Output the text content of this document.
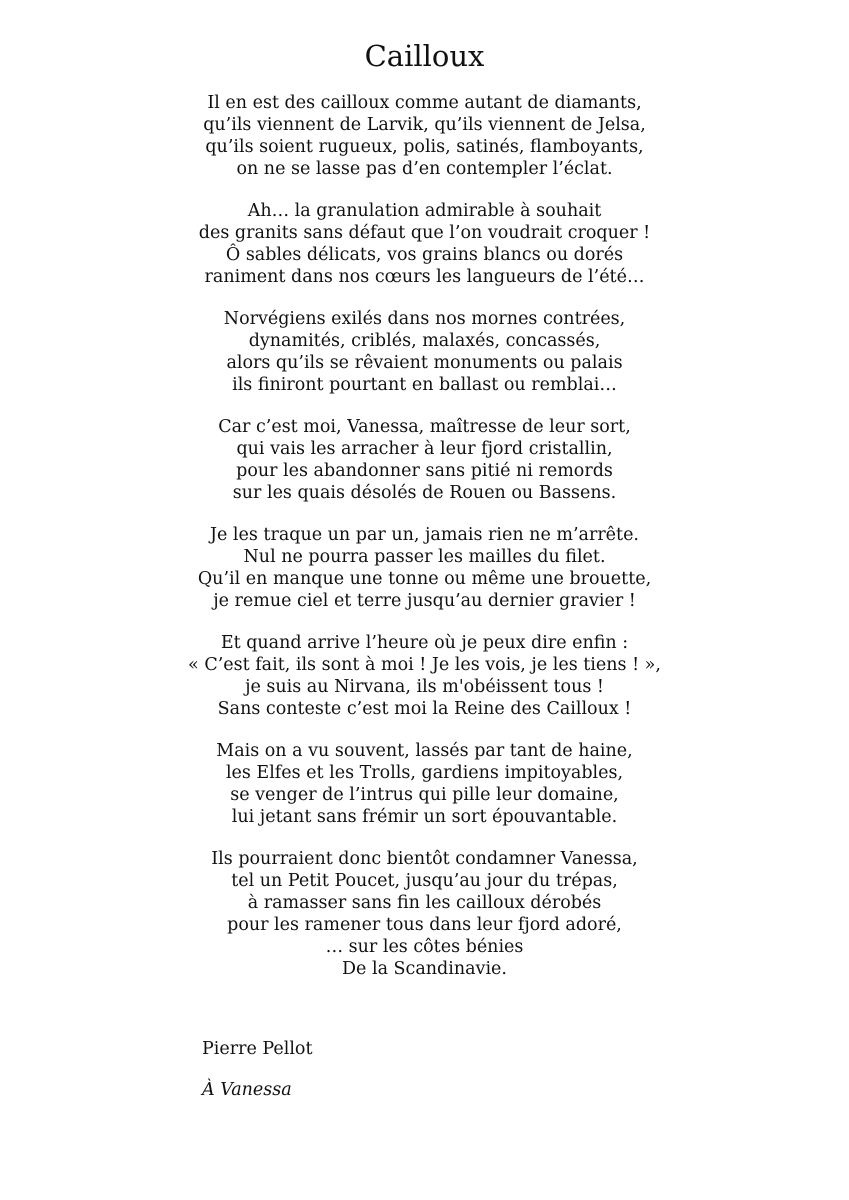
Cailloux
Il en est des cailloux comme autant de diamants,
qu’ils viennent de Larvik, qu’ils viennent de Jelsa,
qu’ils soient rugueux, polis, satinés, flamboyants,
on ne se lasse pas d’en contempler l’éclat.
Ah… la granulation admirable à souhait
des granits sans défaut que l’on voudrait croquer !
Ô sables délicats, vos grains blancs ou dorés
raniment dans nos cœurs les langueurs de l’été…
Norvégiens exilés dans nos mornes contrées,
dynamités, criblés, malaxés, concassés,
alors qu’ils se rêvaient monuments ou palais
ils finiront pourtant en ballast ou remblai…
Car c’est moi, Vanessa, maîtresse de leur sort,
qui vais les arracher à leur fjord cristallin,
pour les abandonner sans pitié ni remords
sur les quais désolés de Rouen ou Bassens.
Je les traque un par un, jamais rien ne m’arrête.
Nul ne pourra passer les mailles du filet.
Qu’il en manque une tonne ou même une brouette,
je remue ciel et terre jusqu’au dernier gravier !
Et quand arrive l’heure où je peux dire enfin :
« C’est fait, ils sont à moi ! Je les vois, je les tiens ! »,
je suis au Nirvana, ils m'obéissent tous !
Sans conteste c’est moi la Reine des Cailloux !
Mais on a vu souvent, lassés par tant de haine,
les Elfes et les Trolls, gardiens impitoyables,
se venger de l’intrus qui pille leur domaine,
lui jetant sans frémir un sort épouvantable.
Ils pourraient donc bientôt condamner Vanessa,
tel un Petit Poucet, jusqu’au jour du trépas,
à ramasser sans fin les cailloux dérobés
pour les ramener tous dans leur fjord adoré,
… sur les côtes bénies
De la Scandinavie.
Pierre Pellot
À Vanessa
